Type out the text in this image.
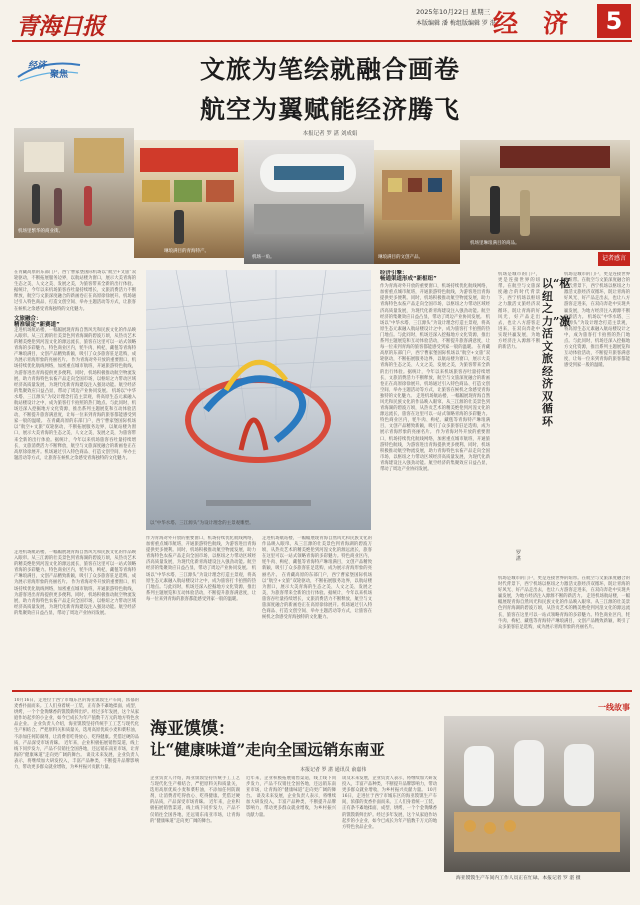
青海日报
2025年10月22日 星期三
本版编辑 潘 梅 组版编辑 罗 湛
经　济	5
经济
聚焦	文旅为笔绘就融合画卷
航空为翼赋能经济腾飞
本报记者 罗 湛 刘成娟
机场里繁华的商业街。
琳琅满目的青海特产。
机场一角。	琳琅满目的文创产品。
机场里琳琅满目的商品。
在青藏高原的东部门户，西宁曹家堡国际机场以“航空+文旅”双轮驱动，不断拓展服务边界，以航站楼为窗口，展示大美青海的生态之美、人文之美、发展之美，为旅客带来全新的出行体验。据统计，今年以来机场旅客吞吐量持续增长，文旅消费活力不断释放，航空与文旅深度融合的新画卷正在高原徐徐展开。机场通过引入特色商品、打造文创空间、举办主题活动等方式，让旅客在候机之余感受青海独特的文化魅力。
文旅融合：
精准锚定“新赛道”
走进机场航站楼，一幅幅展现青海自然风光和民族文化的作品映入眼帘。从三江源的壮美景色到青海湖的碧波万顷，从热贡艺术的精美绝伦到河湟文化的源远流长，旅客在这里可以一站式领略青海的多彩魅力。特色商业区内，牦牛肉、枸杞、藏毯等青海特产琳琅满目，文创产品精致新颖，吸引了众多旅客驻足选购，成为展示青海形象的亮丽名片。 作为青海对外开放的重要窗口，机场持续优化航线网络，加密重点城市航班，开通旅游特色航线，为游客进出青海提供更多便利。同时，机场积极推动航空物流发展，助力青海特色农畜产品走向全国市场，以枢纽之力带动区域经济高质量发展，为现代化新青海建设注入强劲动能。航空经济的集聚效应日益凸显，带动了周边产业协同发展。 机场以“中华水塔、三江源头”为设计理念打造主景观，将高原生态元素融入航站楼设计之中，成为旅客打卡拍照的热门地点。与此同时，机场还深入挖掘地方文化资源，推出系列主题展览和互动体验活动，不断提升旅客满意度，让每一位来到青海的旅客都能感受到家一般的温暖。 在青藏高原的东部门户，西宁曹家堡国际机场以“航空+文旅”双轮驱动，不断拓展服务边界，以航站楼为窗口，展示大美青海的生态之美、人文之美、发展之美，为旅客带来全新的出行体验。据统计，今年以来机场旅客吞吐量持续增长，文旅消费活力不断释放，航空与文旅深度融合的新画卷正在高原徐徐展开。机场通过引入特色商品、打造文创空间、举办主题活动等方式，让旅客在候机之余感受青海独特的文化魅力。
走进机场航站楼，一幅幅展现青海自然风光和民族文化的作品映入眼帘。从三江源的壮美景色到青海湖的碧波万顷，从热贡艺术的精美绝伦到河湟文化的源远流长，旅客在这里可以一站式领略青海的多彩魅力。特色商业区内，牦牛肉、枸杞、藏毯等青海特产琳琅满目，文创产品精致新颖，吸引了众多旅客驻足选购，成为展示青海形象的亮丽名片。 作为青海对外开放的重要窗口，机场持续优化航线网络，加密重点城市航班，开通旅游特色航线，为游客进出青海提供更多便利。同时，机场积极推动航空物流发展，助力青海特色农畜产品走向全国市场，以枢纽之力带动区域经济高质量发展，为现代化新青海建设注入强劲动能。航空经济的集聚效应日益凸显，带动了周边产业协同发展。
以“中华水塔、三江源头”为设计理念的主景观雕塑。
作为青海对外开放的重要窗口，机场持续优化航线网络，加密重点城市航班，开通旅游特色航线，为游客进出青海提供更多便利。同时，机场积极推动航空物流发展，助力青海特色农畜产品走向全国市场，以枢纽之力带动区域经济高质量发展，为现代化新青海建设注入强劲动能。航空经济的集聚效应日益凸显，带动了周边产业协同发展。 机场以“中华水塔、三江源头”为设计理念打造主景观，将高原生态元素融入航站楼设计之中，成为旅客打卡拍照的热门地点。与此同时，机场还深入挖掘地方文化资源，推出系列主题展览和互动体验活动，不断提升旅客满意度，让每一位来到青海的旅客都能感受到家一般的温暖。
走进机场航站楼，一幅幅展现青海自然风光和民族文化的作品映入眼帘。从三江源的壮美景色到青海湖的碧波万顷，从热贡艺术的精美绝伦到河湟文化的源远流长，旅客在这里可以一站式领略青海的多彩魅力。特色商业区内，牦牛肉、枸杞、藏毯等青海特产琳琅满目，文创产品精致新颖，吸引了众多旅客驻足选购，成为展示青海形象的亮丽名片。 在青藏高原的东部门户，西宁曹家堡国际机场以“航空+文旅”双轮驱动，不断拓展服务边界，以航站楼为窗口，展示大美青海的生态之美、人文之美、发展之美，为旅客带来全新的出行体验。据统计，今年以来机场旅客吞吐量持续增长，文旅消费活力不断释放，航空与文旅深度融合的新画卷正在高原徐徐展开。机场通过引入特色商品、打造文创空间、举办主题活动等方式，让旅客在候机之余感受青海独特的文化魅力。
经济引擎：
畅通渠道形成“新枢纽”
作为青海对外开放的重要窗口，机场持续优化航线网络，加密重点城市航班，开通旅游特色航线，为游客进出青海提供更多便利。同时，机场积极推动航空物流发展，助力青海特色农畜产品走向全国市场，以枢纽之力带动区域经济高质量发展，为现代化新青海建设注入强劲动能。航空经济的集聚效应日益凸显，带动了周边产业协同发展。 机场以“中华水塔、三江源头”为设计理念打造主景观，将高原生态元素融入航站楼设计之中，成为旅客打卡拍照的热门地点。与此同时，机场还深入挖掘地方文化资源，推出系列主题展览和互动体验活动，不断提升旅客满意度，让每一位来到青海的旅客都能感受到家一般的温暖。 在青藏高原的东部门户，西宁曹家堡国际机场以“航空+文旅”双轮驱动，不断拓展服务边界，以航站楼为窗口，展示大美青海的生态之美、人文之美、发展之美，为旅客带来全新的出行体验。据统计，今年以来机场旅客吞吐量持续增长，文旅消费活力不断释放，航空与文旅深度融合的新画卷正在高原徐徐展开。机场通过引入特色商品、打造文创空间、举办主题活动等方式，让旅客在候机之余感受青海独特的文化魅力。 走进机场航站楼，一幅幅展现青海自然风光和民族文化的作品映入眼帘。从三江源的壮美景色到青海湖的碧波万顷，从热贡艺术的精美绝伦到河湟文化的源远流长，旅客在这里可以一站式领略青海的多彩魅力。特色商业区内，牦牛肉、枸杞、藏毯等青海特产琳琅满目，文创产品精致新颖，吸引了众多旅客驻足选购，成为展示青海形象的亮丽名片。 作为青海对外开放的重要窗口，机场持续优化航线网络，加密重点城市航班，开通旅游特色航线，为游客进出青海提供更多便利。同时，机场积极推动航空物流发展，助力青海特色农畜产品走向全国市场，以枢纽之力带动区域经济高质量发展，为现代化新青海建设注入强劲动能。航空经济的集聚效应日益凸显，带动了周边产业协同发展。
记者感言
机场是城市的门户，更是连接世界的纽带。在航空与文旅深度融合的时代背景下，西宁机场以枢纽之力激活文旅经济双循环，既让青海的好风光、好产品走出去，也让八方游客走进来，在双向奔赴中实现共赢发展，为地方经济注入源源不断的新活力。 机场以“中华水塔、三江源头”为设计理念打造主景观，将高原生态元素融入航站楼设计之中，成为旅客打卡拍照的热门地点。与此同时，机场还深入挖掘地方文化资源，推出系列主题展览和互动体验活动，不断提升旅客满意度，让每一位来到青海的旅客都能感受到家一般的温暖。
以“枢纽之力”激活文旅经济双循环
罗 湛
机场是城市的门户，更是连接世界的纽带。在航空与文旅深度融合的时代背景下，西宁机场以枢纽之力激活文旅经济双循环，既让青海的好风光、好产品走出去，也让八方游客走进来，在双向奔赴中实现共赢发展，为地方经济注入源源不断的新活力。
机场是城市的门户，更是连接世界的纽带。在航空与文旅深度融合的时代背景下，西宁机场以枢纽之力激活文旅经济双循环，既让青海的好风光、好产品走出去，也让八方游客走进来，在双向奔赴中实现共赢发展，为地方经济注入源源不断的新活力。 走进机场航站楼，一幅幅展现青海自然风光和民族文化的作品映入眼帘。从三江源的壮美景色到青海湖的碧波万顷，从热贡艺术的精美绝伦到河湟文化的源远流长，旅客在这里可以一站式领略青海的多彩魅力。特色商业区内，牦牛肉、枸杞、藏毯等青海特产琳琅满目，文创产品精致新颖，吸引了众多旅客驻足选购，成为展示青海形象的亮丽名片。
10月16日，走进位于西宁市城东区的海亚馍馍生产车间，浓郁的麦香扑面而来。工人们身着统一工装，正有条不紊地揉面、成型、烘烤，一个个金黄酥香的馍馍新鲜出炉。经过多年发展，这个从家庭作坊起步的小企业，如今已成长为年产值数千万元的地方特色食品企业。 企业负责人介绍，海亚馍馍坚持传统手工工艺与现代化生产相结合，严把原料关和质量关，选用高原优质小麦和菜籽油，不添加任何防腐剂，让消费者吃得放心、吃得健康。凭借过硬的品质，产品深受市场青睐。 近年来，企业积极拓展销售渠道，线上线下同步发力，产品不仅销往全国各地，还远销东南亚市场，让青海的“健康味道”走向更广阔的舞台。 谈及未来发展，企业负责人表示，将继续加大研发投入，丰富产品种类，不断提升品牌影响力，带动更多群众就业增收，为乡村振兴贡献力量。
海亚馍馍：
让“健康味道”走向全国远销东南亚
本报记者 罗 湛 通讯员 俞嘉伟
一线故事
企业负责人介绍，海亚馍馍坚持传统手工工艺与现代化生产相结合，严把原料关和质量关，选用高原优质小麦和菜籽油，不添加任何防腐剂，让消费者吃得放心、吃得健康。凭借过硬的品质，产品深受市场青睐。 近年来，企业积极拓展销售渠道，线上线下同步发力，产品不仅销往全国各地，还远销东南亚市场，让青海的“健康味道”走向更广阔的舞台。
近年来，企业积极拓展销售渠道，线上线下同步发力，产品不仅销往全国各地，还远销东南亚市场，让青海的“健康味道”走向更广阔的舞台。 谈及未来发展，企业负责人表示，将继续加大研发投入，丰富产品种类，不断提升品牌影响力，带动更多群众就业增收，为乡村振兴贡献力量。
谈及未来发展，企业负责人表示，将继续加大研发投入，丰富产品种类，不断提升品牌影响力，带动更多群众就业增收，为乡村振兴贡献力量。 10月16日，走进位于西宁市城东区的海亚馍馍生产车间，浓郁的麦香扑面而来。工人们身着统一工装，正有条不紊地揉面、成型、烘烤，一个个金黄酥香的馍馍新鲜出炉。经过多年发展，这个从家庭作坊起步的小企业，如今已成长为年产值数千万元的地方特色食品企业。
海亚馍馍生产车间内工作人员正在忙碌。本报记者 罗 湛 摄
